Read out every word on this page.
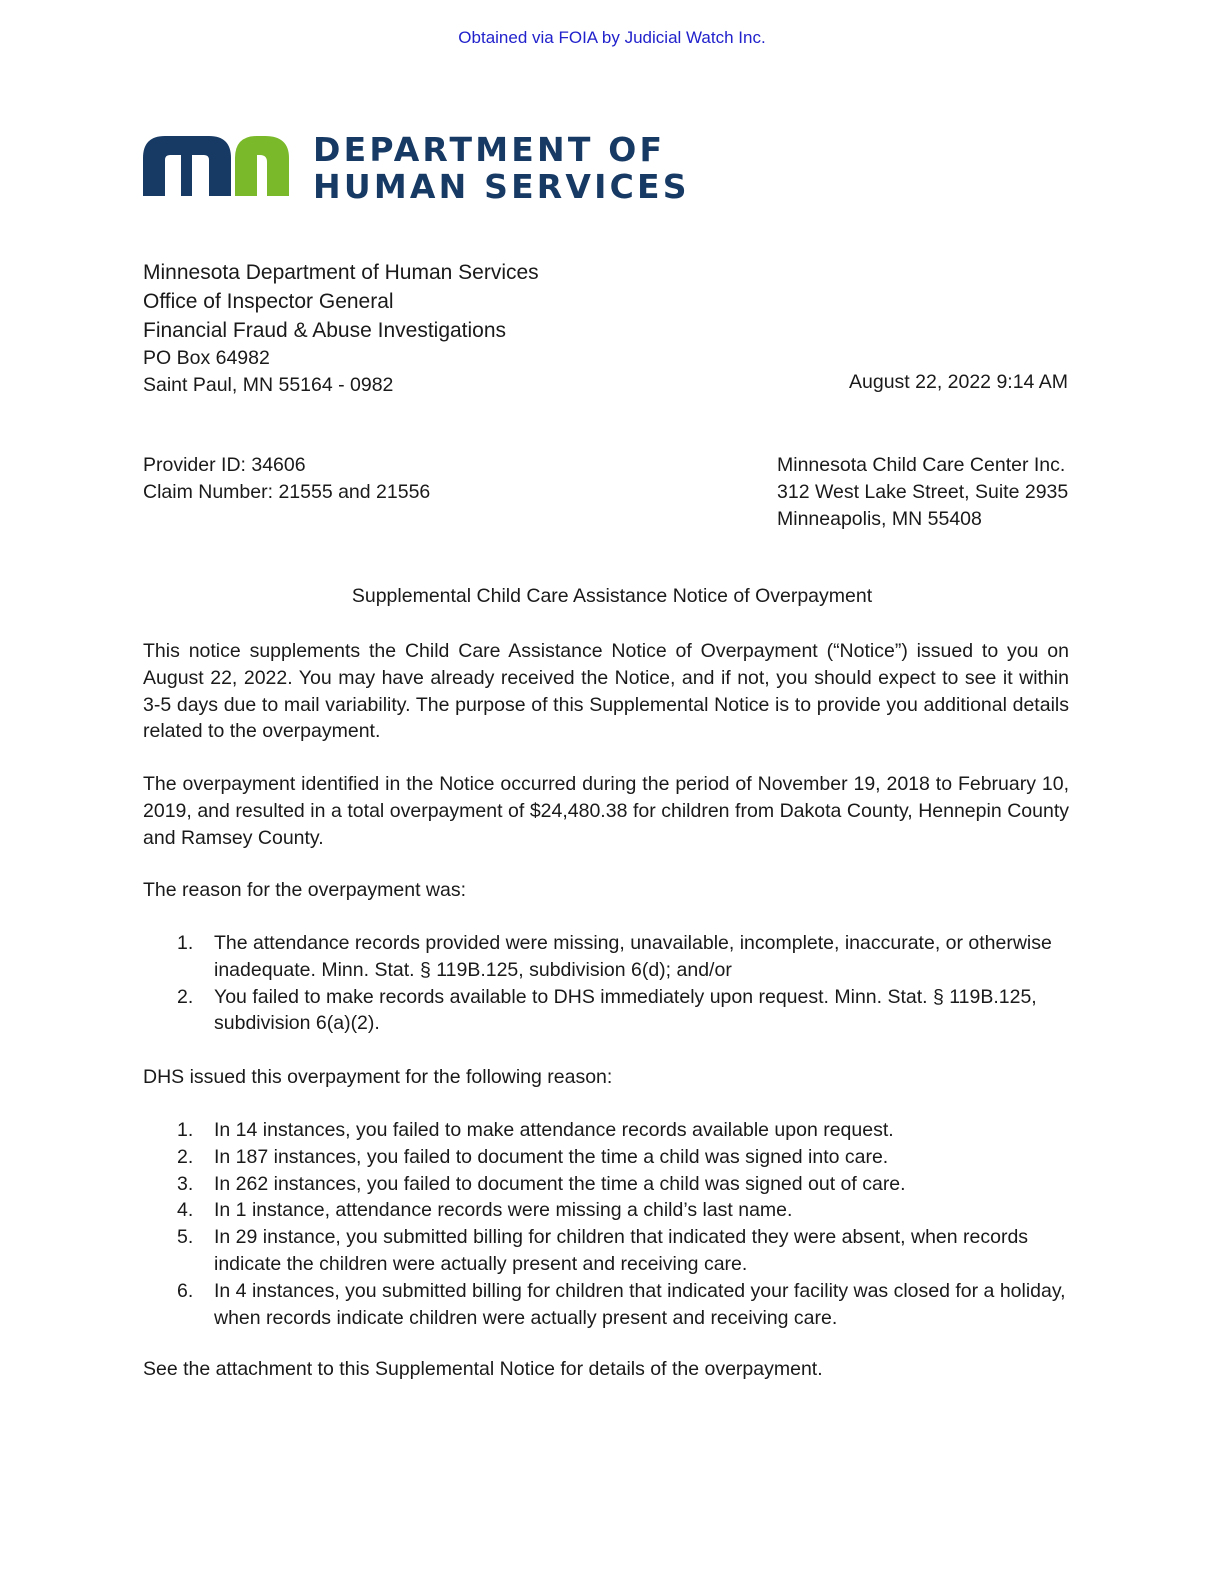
Obtained via FOIA by Judicial Watch Inc.
DEPARTMENT OF
HUMAN SERVICES
Minnesota Department of Human Services
Office of Inspector General
Financial Fraud & Abuse Investigations
PO Box 64982
Saint Paul, MN 55164 - 0982	August 22, 2022 9:14 AM
Provider ID: 34606
Claim Number: 21555 and 21556
Minnesota Child Care Center Inc.
312 West Lake Street, Suite 2935
Minneapolis, MN 55408
Supplemental Child Care Assistance Notice of Overpayment
This notice supplements the Child Care Assistance Notice of Overpayment (“Notice”) issued to you on August 22, 2022. You may have already received the Notice, and if not, you should expect to see it within 3-5 days due to mail variability. The purpose of this Supplemental Notice is to provide you additional details related to the overpayment.
The overpayment identified in the Notice occurred during the period of November 19, 2018 to February 10, 2019, and resulted in a total overpayment of $24,480.38 for children from Dakota County, Hennepin County and Ramsey County.
The reason for the overpayment was:
1. The attendance records provided were missing, unavailable, incomplete, inaccurate, or otherwise inadequate. Minn. Stat. § 119B.125, subdivision 6(d); and/or
2. You failed to make records available to DHS immediately upon request. Minn. Stat. § 119B.125, subdivision 6(a)(2).
DHS issued this overpayment for the following reason:
1. In 14 instances, you failed to make attendance records available upon request.
2. In 187 instances, you failed to document the time a child was signed into care.
3. In 262 instances, you failed to document the time a child was signed out of care.
4. In 1 instance, attendance records were missing a child’s last name.
5. In 29 instance, you submitted billing for children that indicated they were absent, when records indicate the children were actually present and receiving care.
6. In 4 instances, you submitted billing for children that indicated your facility was closed for a holiday, when records indicate children were actually present and receiving care.
See the attachment to this Supplemental Notice for details of the overpayment.
